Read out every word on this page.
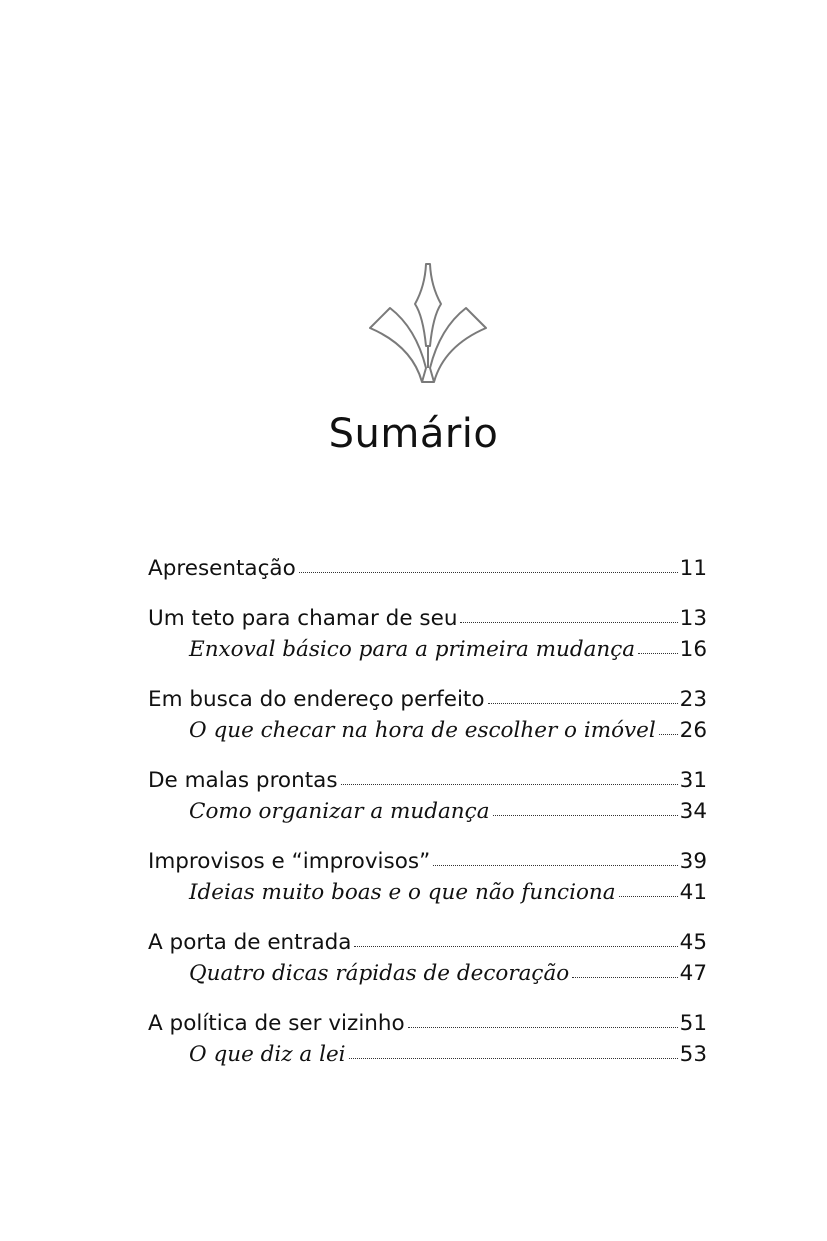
Sumário
Apresentação	11
Um teto para chamar de seu	13
Enxoval básico para a primeira mudança 16
Em busca do endereço perfeito	23
O que checar na hora de escolher o imóvel 26
De malas prontas	31
Como organizar a mudança	34
Improvisos e “improvisos”	39
Ideias muito boas e o que não funciona	41
A porta de entrada	45
Quatro dicas rápidas de decoração	47
A política de ser vizinho	51
O que diz a lei	53
